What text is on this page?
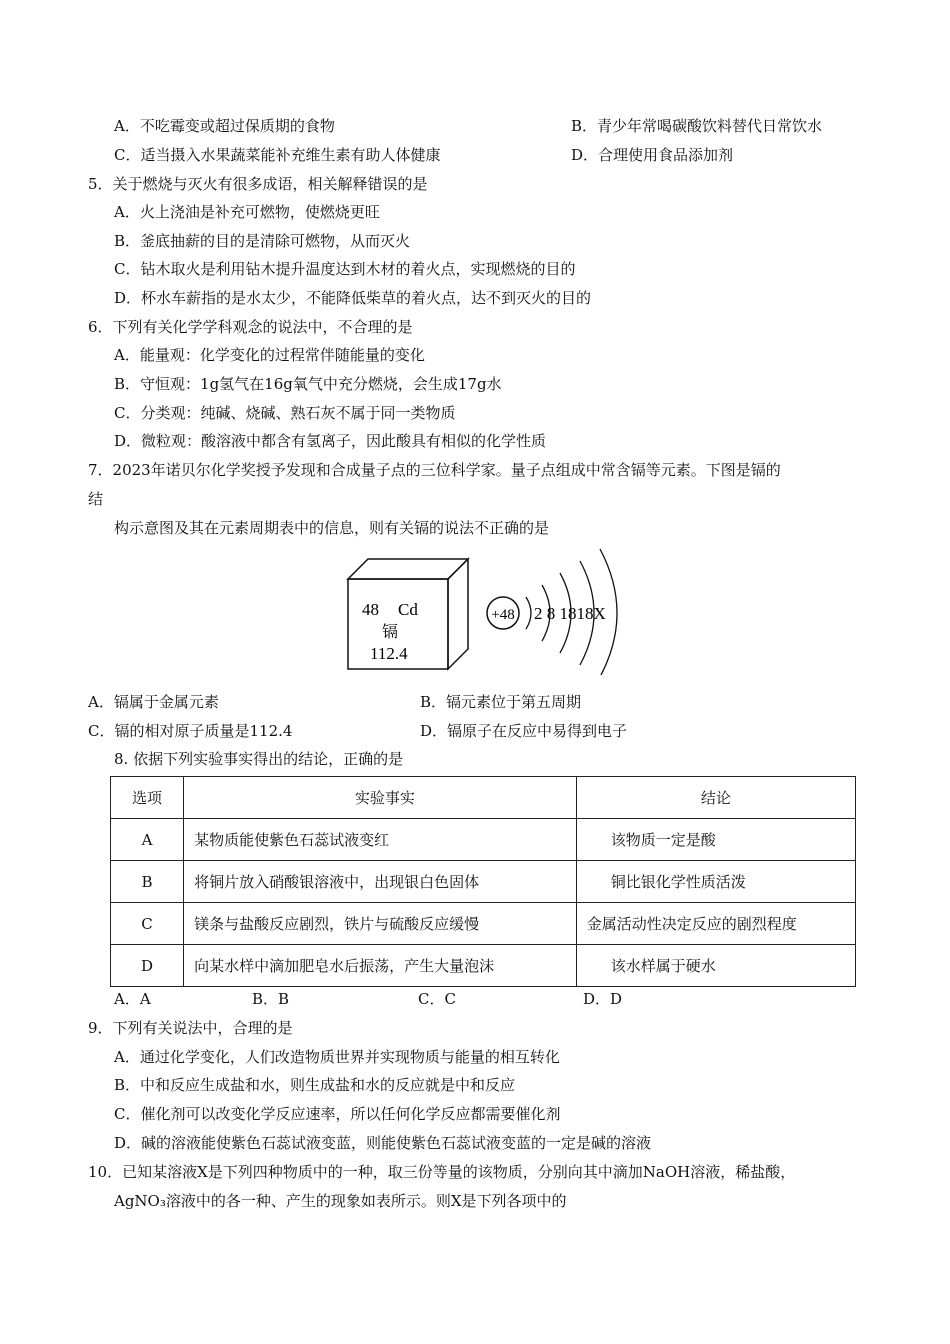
A．不吃霉变或超过保质期的食物	B．青少年常喝碳酸饮料替代日常饮水
C．适当摄入水果蔬菜能补充维生素有助人体健康	D．合理使用食品添加剂
5．关于燃烧与灭火有很多成语，相关解释错误的是
A．火上浇油是补充可燃物，使燃烧更旺
B．釜底抽薪的目的是清除可燃物，从而灭火
C．钻木取火是利用钻木提升温度达到木材的着火点，实现燃烧的目的
D．杯水车薪指的是水太少，不能降低柴草的着火点，达不到灭火的目的
6．下列有关化学学科观念的说法中，不合理的是
A．能量观：化学变化的过程常伴随能量的变化
B．守恒观：1g氢气在16g氧气中充分燃烧，会生成17g水
C．分类观：纯碱、烧碱、熟石灰不属于同一类物质
D．微粒观：酸溶液中都含有氢离子，因此酸具有相似的化学性质
7．2023年诺贝尔化学奖授予发现和合成量子点的三位科学家。量子点组成中常含镉等元素。下图是镉的
结
构示意图及其在元素周期表中的信息，则有关镉的说法不正确的是
48 Cd
镉
112.4
+48 2 8 1818X
A．镉属于金属元素	B．镉元素位于第五周期
C．镉的相对原子质量是112.4	D．镉原子在反应中易得到电子
8. 依据下列实验事实得出的结论，正确的是
选项	实验事实	结论
A	某物质能使紫色石蕊试液变红	该物质一定是酸
B	将铜片放入硝酸银溶液中，出现银白色固体	铜比银化学性质活泼
C	镁条与盐酸反应剧烈，铁片与硫酸反应缓慢	金属活动性决定反应的剧烈程度
D	向某水样中滴加肥皂水后振荡，产生大量泡沫	该水样属于硬水
A．A	B．B	C．C	D．D
9．下列有关说法中，合理的是
A．通过化学变化，人们改造物质世界并实现物质与能量的相互转化
B．中和反应生成盐和水，则生成盐和水的反应就是中和反应
C．催化剂可以改变化学反应速率，所以任何化学反应都需要催化剂
D．碱的溶液能使紫色石蕊试液变蓝，则能使紫色石蕊试液变蓝的一定是碱的溶液
10．已知某溶液X是下列四种物质中的一种，取三份等量的该物质，分别向其中滴加NaOH溶液，稀盐酸，
AgNO₃溶液中的各一种、产生的现象如表所示。则X是下列各项中的
